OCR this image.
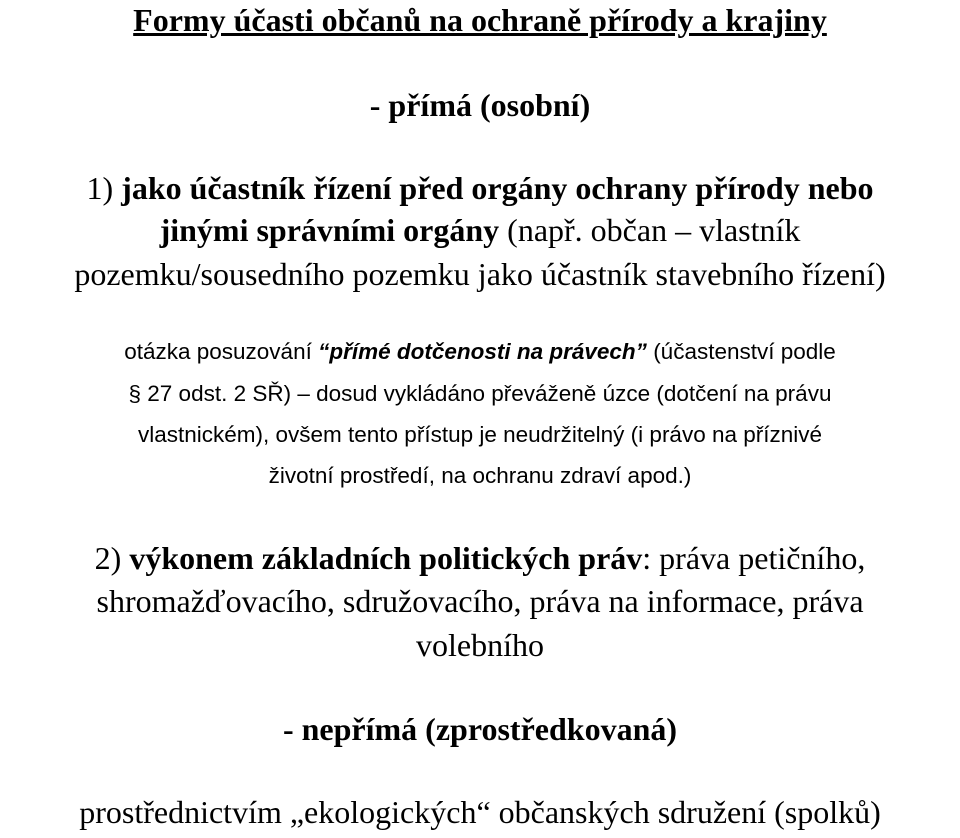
Formy účasti občanů na ochraně přírody a krajiny
- přímá (osobní)
1) jako účastník řízení před orgány ochrany přírody nebo
jinými správními orgány (např. občan – vlastník
pozemku/sousedního pozemku jako účastník stavebního řízení)
otázka posuzování “přímé dotčenosti na právech” (účastenství podle
§ 27 odst. 2 SŘ) – dosud vykládáno převáženě úzce (dotčení na právu
vlastnickém), ovšem tento přístup je neudržitelný (i právo na příznivé
životní prostředí, na ochranu zdraví apod.)
2) výkonem základních politických práv: práva petičního,
shromažďovacího, sdružovacího, práva na informace, práva
volebního
- nepřímá (zprostředkovaná)
prostřednictvím „ekologických“ občanských sdružení (spolků)
